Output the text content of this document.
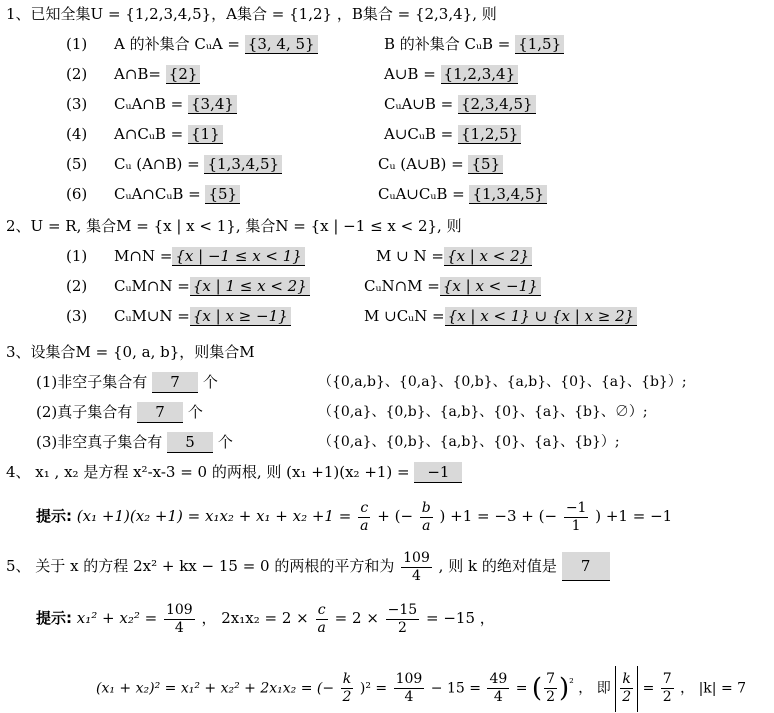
1、已知全集U = {1,2,3,4,5}，A集合 = {1,2} ，B集合 = {2,3,4}, 则
(1) A 的补集合 CᵤA = {3, 4, 5}	B 的补集合 CᵤB = {1,5}
(2) A∩B= {2}	A∪B = {1,2,3,4}
(3) CᵤA∩B = {3,4}	CᵤA∪B = {2,3,4,5}
(4) A∩CᵤB = {1}	A∪CᵤB = {1,2,5}
(5) Cᵤ (A∩B) = {1,3,4,5}	Cᵤ (A∪B) = {5}
(6) CᵤA∩CᵤB = {5}	CᵤA∪CᵤB = {1,3,4,5}
2、U = R, 集合M = {x | x < 1}, 集合N = {x | −1 ≤ x < 2}, 则
(1) M∩N = {x | −1 ≤ x < 1}	M ∪ N = {x | x < 2}
(2) CᵤM∩N = {x | 1 ≤ x < 2}	CᵤN∩M = {x | x < −1}
(3) CᵤM∪N = {x | x ≥ −1}	M ∪CᵤN = {x | x < 1} ∪ {x | x ≥ 2}
3、设集合M = {0, a, b}，则集合M
(1)非空子集合有 7 个	（{0,a,b}、{0,a}、{0,b}、{a,b}、{0}、{a}、{b}）;
(2)真子集合有 7 个	（{0,a}、{0,b}、{a,b}、{0}、{a}、{b}、∅）;
(3)非空真子集合有 5 个	（{0,a}、{0,b}、{a,b}、{0}、{a}、{b}）;
4、 x₁ , x₂ 是方程 x²-x-3 = 0 的两根, 则 (x₁ +1)(x₂ +1) = −1
提示: $(x_1 +1)(x_2 +1) = x_1x_2 + x_1 + x_2 +1 = \frac{c}{a}$ + (− $\frac{b}{a}$ ) +1 = −3 + (− $\frac{-1}{1}$ ) +1 = −1
5、 关于 x 的方程 2x² + kx − 15 = 0 的两根的平方和为 $\frac{109}{4}$ , 则 k 的绝对值是 7
提示: $x_1^2 + x_2^2 = \frac{109}{4}$ ， $2x_1x_2 = 2 \times \frac{c}{a} = 2 \times \frac{-15}{2} = -15$ ，
(x₁ + x₂)² = x₁² + x₂² + 2x₁x₂ = (− $\frac{k}{2} )^2 = \frac{109}{4} - 15 = \frac{49}{4}$ = ( $\frac{7}{2} )^{^2}$ ， 即 $\frac{k}{2} = \frac{7}{2}$ ， |k| = 7
